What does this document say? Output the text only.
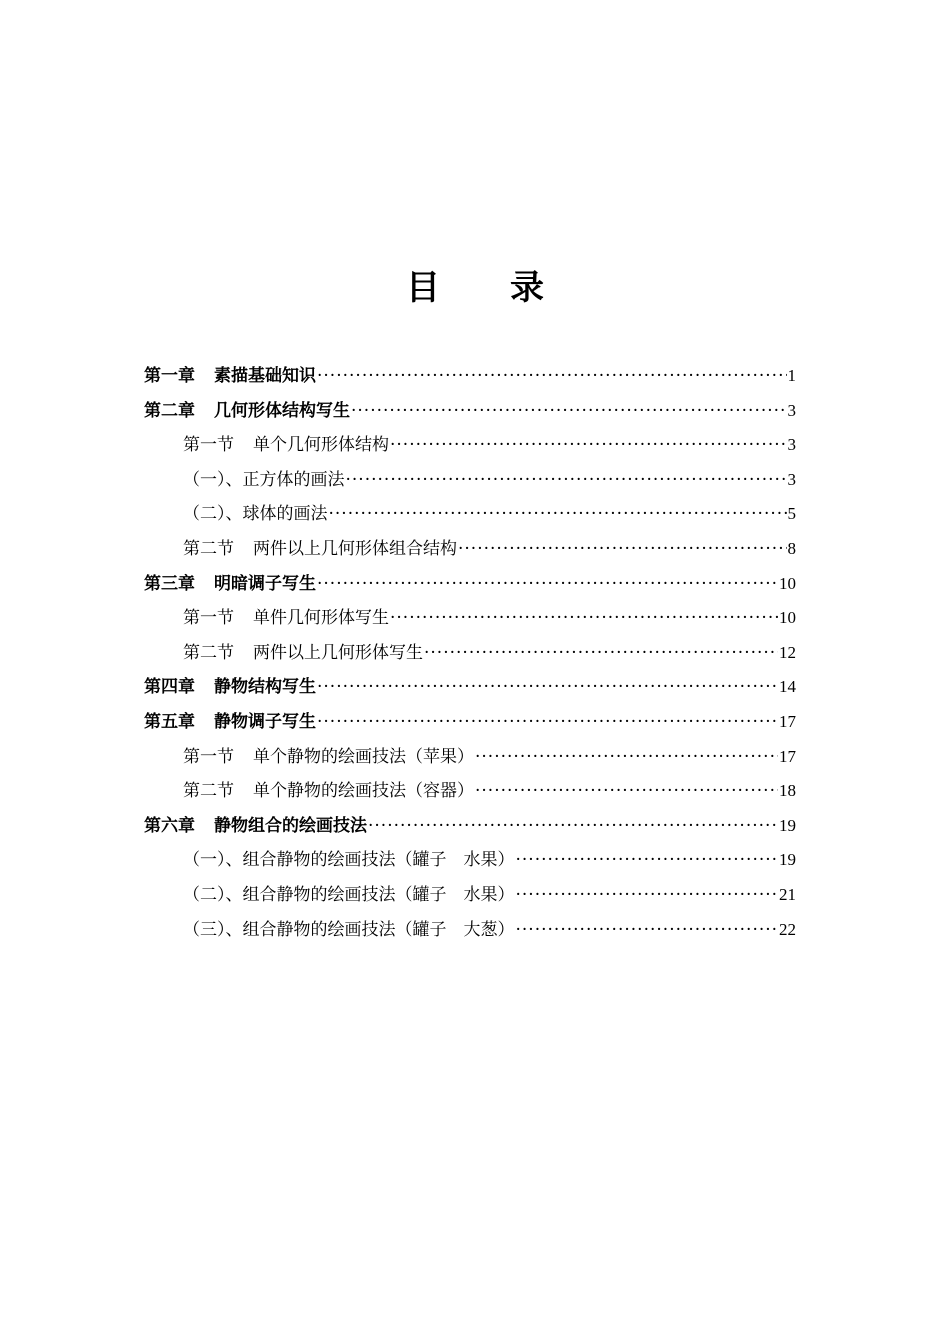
目 录
第一章 素描基础知识 ·····	1
第二章 几何形体结构写生 ·····	3
第一节 单个几何形体结构 ·····	3
（一）、正方体的画法 ·····	3
（二）、球体的画法 ·····	5
第二节 两件以上几何形体组合结构 ·····	8
第三章 明暗调子写生 ·····	10
第一节 单件几何形体写生 ·····	10
第二节 两件以上几何形体写生 ·····	12
第四章 静物结构写生 ·····	14
第五章 静物调子写生 ·····	17
第一节 单个静物的绘画技法（苹果） ·····	17
第二节 单个静物的绘画技法（容器） ·····	18
第六章 静物组合的绘画技法 ·····	19
（一）、组合静物的绘画技法（罐子　水果） ·····	19
（二）、组合静物的绘画技法（罐子　水果） ·····	21
（三）、组合静物的绘画技法（罐子　大葱） ·····	22
